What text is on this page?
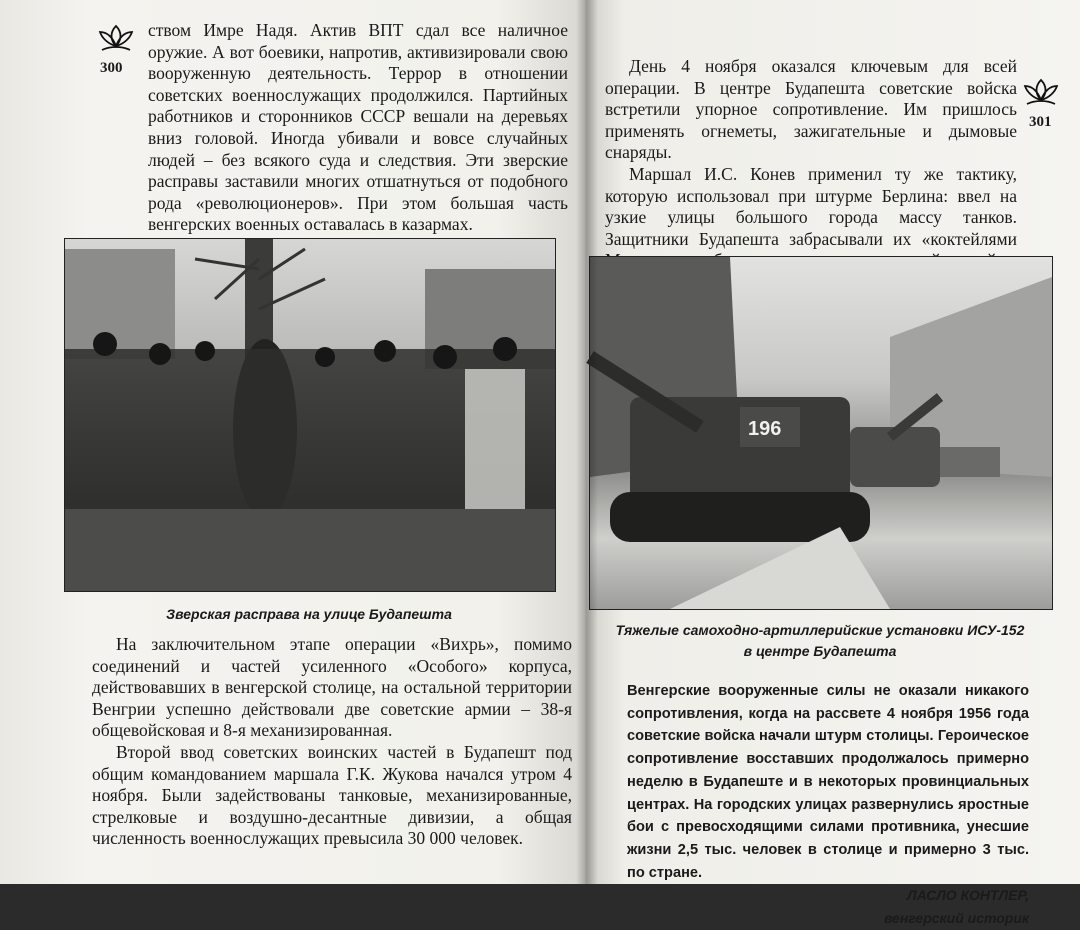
300

ством Имре Надя. Актив ВПТ сдал все наличное оружие. А вот боевики, напротив, активизировали свою вооруженную деятельность. Террор в отношении советских военнослужащих продолжился. Партийных работников и сторонников СССР вешали на деревьях вниз головой. Иногда убивали и вовсе случайных людей – без всякого суда и следствия. Эти зверские расправы заставили многих отшатнуться от подобного рода «революционеров». При этом большая часть венгерских военных оставалась в казармах.

Зверская расправа на улице Будапешта

На заключительном этапе операции «Вихрь», помимо соединений и частей усиленного «Особого» корпуса, действовавших в венгерской столице, на остальной территории Венгрии успешно действовали две советские армии – 38-я общевойсковая и 8-я механизированная.

Второй ввод советских воинских частей в Будапешт под общим командованием маршала Г.К. Жукова начался утром 4 ноября. Были задействованы танковые, механизированные, стрелковые и воздушно-десантные дивизии, а общая численность военнослужащих превысила 30 000 человек.

301

День 4 ноября оказался ключевым для всей операции. В центре Будапешта советские войска встретили упорное сопротивление. Им пришлось применять огнеметы, зажигательные и дымовые снаряды.

Маршал И.С. Конев применил ту же тактику, которую использовал при штурме Берлина: ввел на узкие улицы большого города массу танков. Защитники Будапешта забрасывали их «коктейлями

196
Тяжелые самоходно-артиллерийские установки ИСУ-152
в центре Будапешта

Венгерские вооруженные силы не оказали никакого сопротивления, когда на рассвете 4 ноября 1956 года советские войска начали штурм столицы. Героическое сопротивление восставших продолжалось примерно неделю в Будапеште и в некоторых провинциальных центрах. На городских улицах развернулись яростные бои с превосходящими силами противника, унесшие жизни 2,5 тыс. человек в столице и примерно 3 тыс. по стране.

ЛАСЛО КОНТЛЕР,
венгерский историк
